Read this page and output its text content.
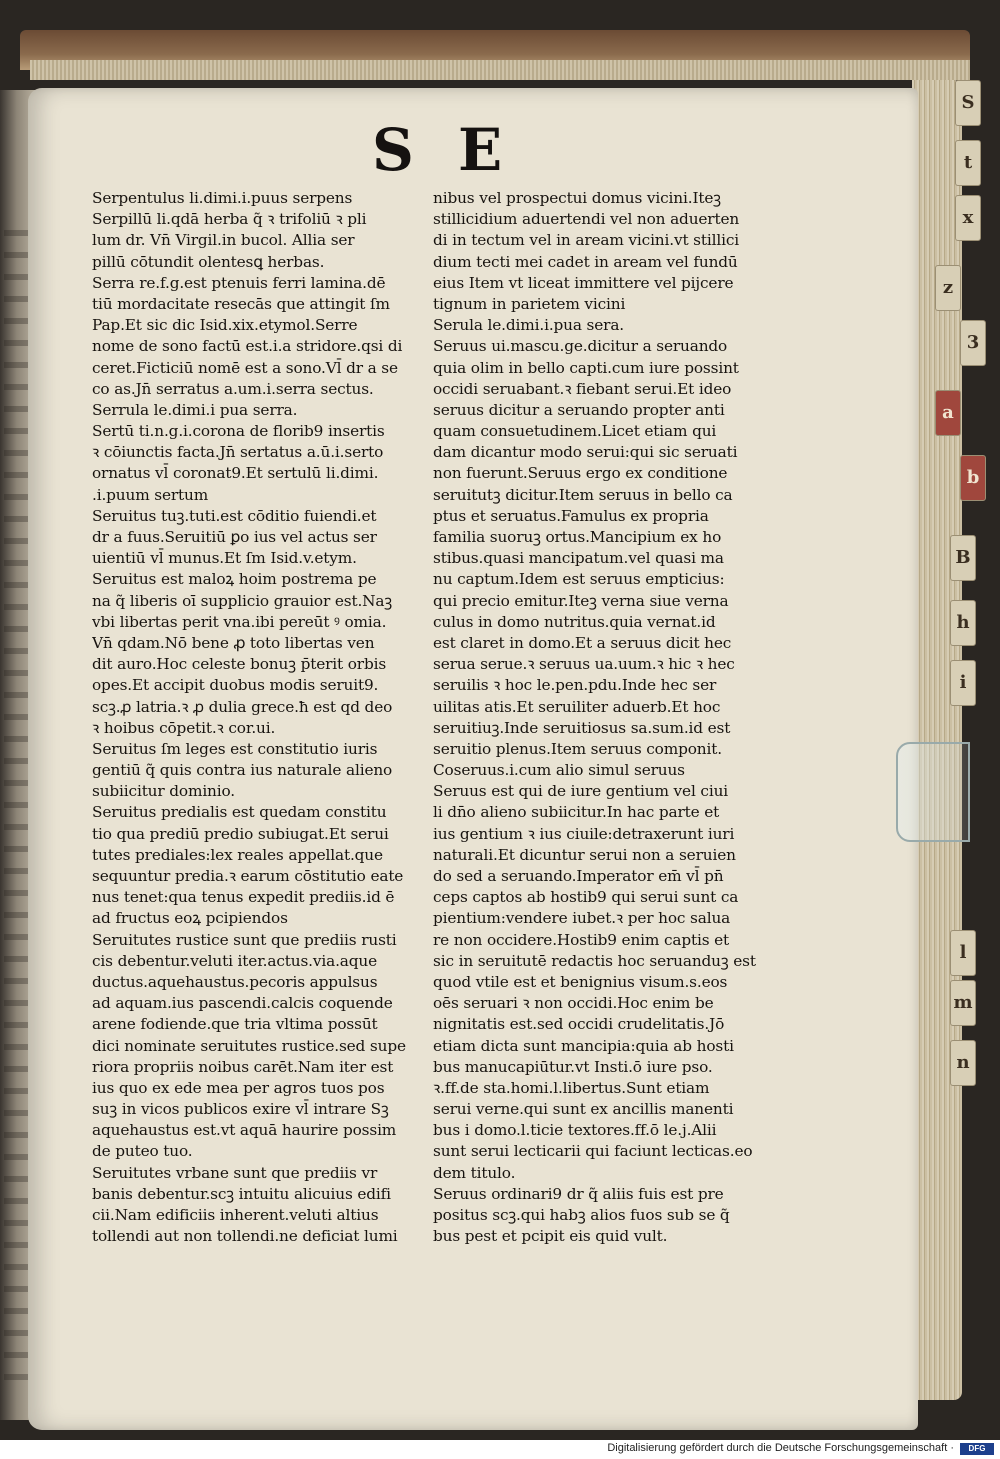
S E
Serpentulus li.dimi.i.puus serpens
Serpillū li.qdā herba q̃ ꝛ trifoliū ꝛ pli
lum dr. Vn̄ Virgil.in bucol. Allia ser
pillū cōtundit olentesꝗ herbas.
Serra re.f.g.est ptenuis ferri lamina.dē
tiū mordacitate resecās que attingit ſm
Pap.Et sic dic Isid.xix.etymol.Serre
nome de sono factū est.i.a stridore.qsi di
ceret.Ficticiū nomē est a sono.Vl̄ dr a se
co as.Jn̄ serratus a.um.i.serra sectus.
Serrula le.dimi.i pua serra.
Sertū ti.n.g.i.corona de florib9 insertis
ꝛ cōiunctis facta.Jn̄ sertatus a.ū.i.serto
ornatus vl̄ coronat9.Et sertulū li.dimi.
.i.puum sertum
Seruitus tuꝫ.tuti.est cōditio fuiendi.et
dr a fuus.Seruitiū ꝑo ius vel actus ser
uientiū vl̄ munus.Et ſm Isid.v.etym.
Seruitus est maloꝝ hoim postrema pe
na q̃ liberis oī supplicio grauior est.Naꝫ
vbi libertas perit vna.ibi pereūt ꝰ omia.
Vn̄ qdam.Nō bene ꝓ toto libertas ven
dit auro.Hoc celeste bonuꝫ p̄terit orbis
opes.Et accipit duobus modis seruit9.
scꝫ.ꝓ latria.ꝛ ꝓ dulia grece.ħ est qd deo
ꝛ hoibus cōpetit.ꝛ cor.ui.
Seruitus ſm leges est constitutio iuris
gentiū q̃ quis contra ius naturale alieno
subiicitur dominio.
Seruitus predialis est quedam constitu
tio qua prediū predio subiugat.Et serui
tutes prediales:lex reales appellat.que
sequuntur predia.ꝛ earum cōstitutio eate
nus tenet:qua tenus expedit prediis.id ē
ad fructus eoꝝ pcipiendos
Seruitutes rustice sunt que prediis rusti
cis debentur.veluti iter.actus.via.aque
ductus.aquehaustus.pecoris appulsus
ad aquam.ius pascendi.calcis coquende
arene fodiende.que tria vltima possūt
dici nominate seruitutes rustice.sed supe
riora propriis noibus carēt.Nam iter est
ius quo ex ede mea per agros tuos pos
suꝫ in vicos publicos exire vl̄ intrare Sꝫ
aquehaustus est.vt aquā haurire possim
de puteo tuo.
Seruitutes vrbane sunt que prediis vr
banis debentur.scꝫ intuitu alicuius edifi
cii.Nam edificiis inherent.veluti altius
tollendi aut non tollendi.ne deficiat lumi
nibus vel prospectui domus vicini.Iteꝫ
stillicidium aduertendi vel non aduerten
di in tectum vel in aream vicini.vt stillici
dium tecti mei cadet in aream vel fundū
eius Item vt liceat immittere vel pijcere
tignum in parietem vicini
Serula le.dimi.i.pua sera.
Seruus ui.mascu.ge.dicitur a seruando
quia olim in bello capti.cum iure possint
occidi seruabant.ꝛ fiebant serui.Et ideo
seruus dicitur a seruando propter anti
quam consuetudinem.Licet etiam qui
dam dicantur modo serui:qui sic seruati
non fuerunt.Seruus ergo ex conditione
seruitutꝫ dicitur.Item seruus in bello ca
ptus et seruatus.Famulus ex propria
familia suoruꝫ ortus.Mancipium ex ho
stibus.quasi mancipatum.vel quasi ma
nu captum.Idem est seruus empticius:
qui precio emitur.Iteꝫ verna siue verna
culus in domo nutritus.quia vernat.id
est claret in domo.Et a seruus dicit hec
serua serue.ꝛ seruus ua.uum.ꝛ hic ꝛ hec
seruilis ꝛ hoc le.pen.pdu.Inde hec ser
uilitas atis.Et seruiliter aduerb.Et hoc
seruitiuꝫ.Inde seruitiosus sa.sum.id est
seruitio plenus.Item seruus componit.
Coseruus.i.cum alio simul seruus
Seruus est qui de iure gentium vel ciui
li dn̄o alieno subiicitur.In hac parte et
ius gentium ꝛ ius ciuile:detraxerunt iuri
naturali.Et dicuntur serui non a seruien
do sed a seruando.Imperator em̄ vl̄ pn̄
ceps captos ab hostib9 qui serui sunt ca
pientium:vendere iubet.ꝛ per hoc salua
re non occidere.Hostib9 enim captis et
sic in seruitutē redactis hoc seruanduꝫ est
quod vtile est et benignius visum.s.eos
oēs seruari ꝛ non occidi.Hoc enim be
nignitatis est.sed occidi crudelitatis.Jō
etiam dicta sunt mancipia:quia ab hosti
bus manucapiūtur.vt Insti.ō iure pso.
ꝛ.ff.de sta.homi.l.libertus.Sunt etiam
serui verne.qui sunt ex ancillis manenti
bus i domo.l.ticie textores.ff.ō le.j.Alii
sunt serui lecticarii qui faciunt lecticas.eo
dem titulo.
Seruus ordinari9 dr q̃ aliis fuis est pre
positus scꝫ.qui habꝫ alios fuos sub se q̃
bus pest et pcipit eis quid vult.
S
t
x
z
3
a
b
B
h
i
l
m
n
Digitalisierung gefördert durch die Deutsche Forschungsgemeinschaft ·	DFG
